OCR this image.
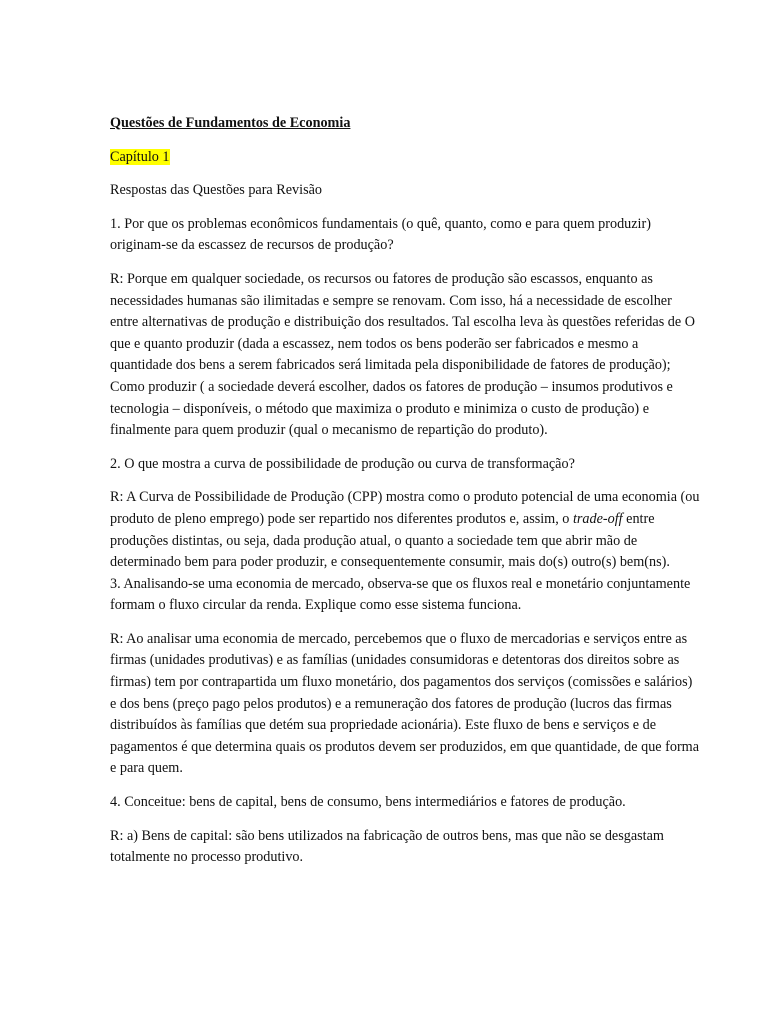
Questões de Fundamentos de Economia

Capítulo 1

Respostas das Questões para Revisão

1. Por que os problemas econômicos fundamentais (o quê, quanto, como e para quem produzir) originam-se da escassez de recursos de produção?

R: Porque em qualquer sociedade, os recursos ou fatores de produção são escassos, enquanto as necessidades humanas são ilimitadas e sempre se renovam. Com isso, há a necessidade de escolher entre alternativas de produção e distribuição dos resultados. Tal escolha leva às questões referidas de O que e quanto produzir (dada a escassez, nem todos os bens poderão ser fabricados e mesmo a quantidade dos bens a serem fabricados será limitada pela disponibilidade de fatores de produção); Como produzir ( a sociedade deverá escolher, dados os fatores de produção – insumos produtivos e tecnologia – disponíveis, o método que maximiza o produto e minimiza o custo de produção) e finalmente para quem produzir (qual o mecanismo de repartição do produto).

2. O que mostra a curva de possibilidade de produção ou curva de transformação?

R: A Curva de Possibilidade de Produção (CPP) mostra como o produto potencial de uma economia (ou produto de pleno emprego) pode ser repartido nos diferentes produtos e, assim, o trade-off entre produções distintas, ou seja, dada produção atual, o quanto a sociedade tem que abrir mão de determinado bem para poder produzir, e consequentemente consumir, mais do(s) outro(s) bem(ns).

3. Analisando-se uma economia de mercado, observa-se que os fluxos real e monetário conjuntamente formam o fluxo circular da renda. Explique como esse sistema funciona.

R: Ao analisar uma economia de mercado, percebemos que o fluxo de mercadorias e serviços entre as firmas (unidades produtivas) e as famílias (unidades consumidoras e detentoras dos direitos sobre as firmas) tem por contrapartida um fluxo monetário, dos pagamentos dos serviços (comissões e salários) e dos bens (preço pago pelos produtos) e a remuneração dos fatores de produção (lucros das firmas distribuídos às famílias que detém sua propriedade acionária). Este fluxo de bens e serviços e de pagamentos é que determina quais os produtos devem ser produzidos, em que quantidade, de que forma e para quem.

4. Conceitue: bens de capital, bens de consumo, bens intermediários e fatores de produção.

R: a) Bens de capital: são bens utilizados na fabricação de outros bens, mas que não se desgastam totalmente no processo produtivo.
